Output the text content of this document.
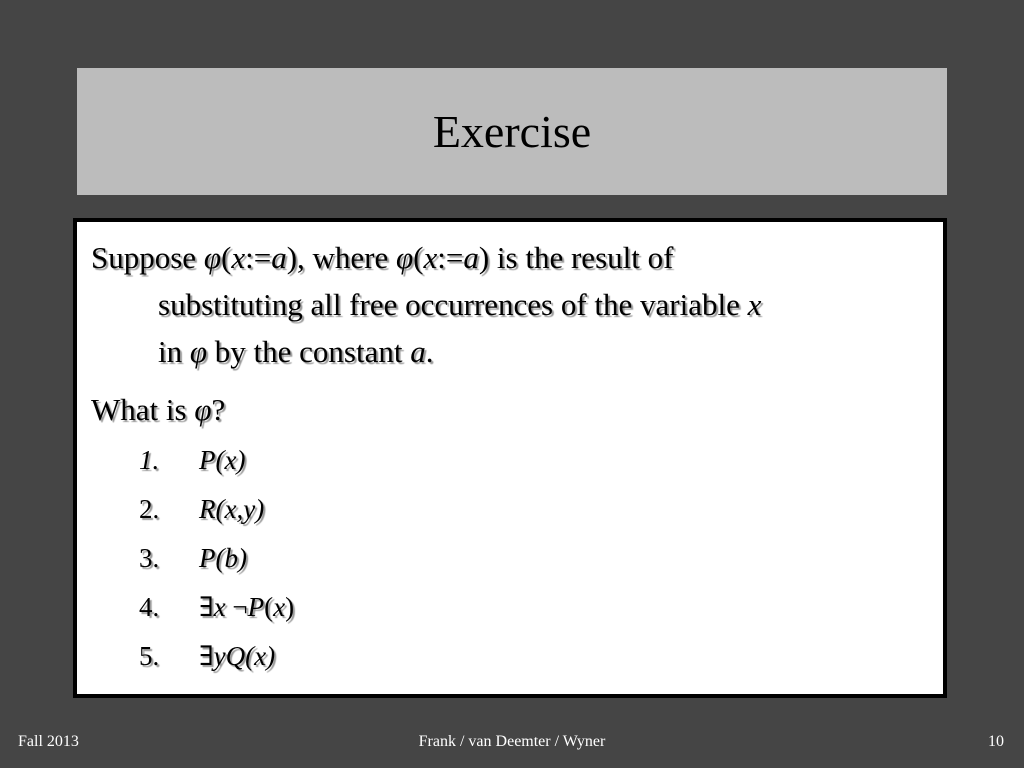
Exercise
Suppose φ(x:=a), where φ(x:=a) is the result of
substituting all free occurrences of the variable x
in φ by the constant a.
What is φ?
1. P(x)
2. R(x,y)
3. P(b)
4. ∃x ¬P(x)
5. ∃yQ(x)
Fall 2013	Frank / van Deemter / Wyner	10
